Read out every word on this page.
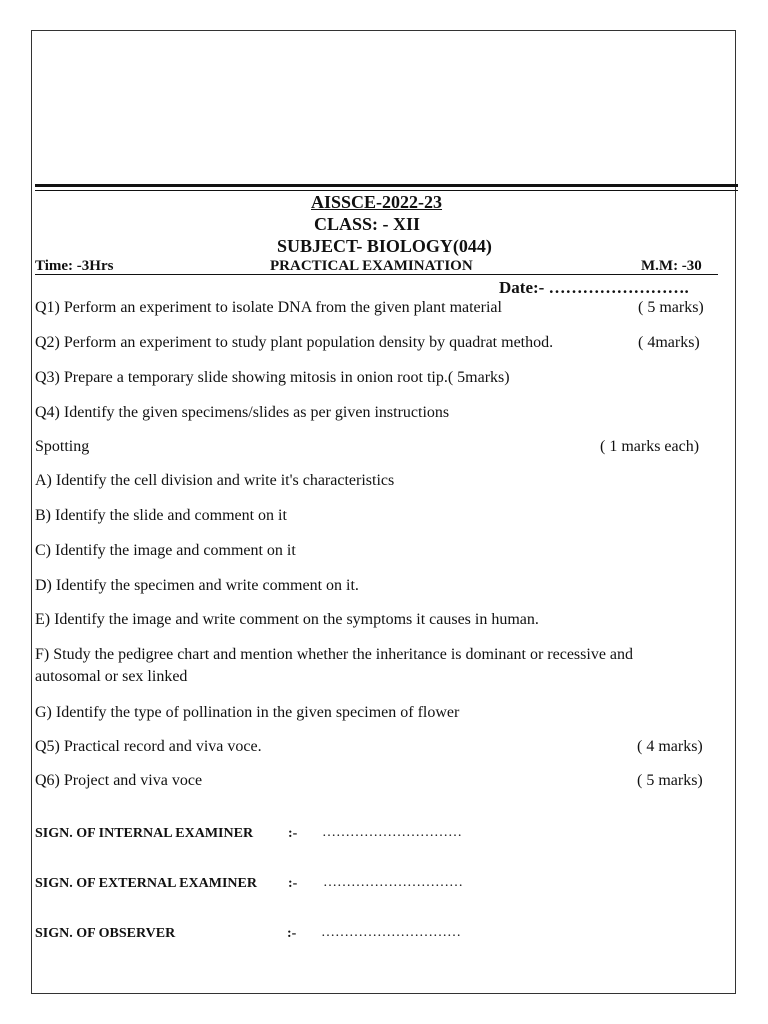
AISSCE-2022-23
CLASS: - XII
SUBJECT- BIOLOGY(044)
Time: -3Hrs	PRACTICAL EXAMINATION	M.M: -30
Date:- …………………….
Q1) Perform an experiment to isolate DNA from the given plant material	( 5 marks)
Q2) Perform an experiment to study plant population density by quadrat method.	( 4marks)
Q3) Prepare a temporary slide showing mitosis in onion root tip.( 5marks)
Q4) Identify the given specimens/slides as per given instructions
Spotting	( 1 marks each)
A) Identify the cell division and write it's characteristics
B) Identify the slide and comment on it
C) Identify the image and comment on it
D) Identify the specimen and write comment on it.
E) Identify the image and write comment on the symptoms it causes in human.
F) Study the pedigree chart and mention whether the inheritance is dominant or recessive and
autosomal or sex linked
G) Identify the type of pollination in the given specimen of flower
Q5) Practical record and viva voce.	( 4 marks)
Q6) Project and viva voce	( 5 marks)
SIGN. OF INTERNAL EXAMINER :- …………………………
SIGN. OF EXTERNAL EXAMINER :- …………………………
SIGN. OF OBSERVER	:- …………………………
